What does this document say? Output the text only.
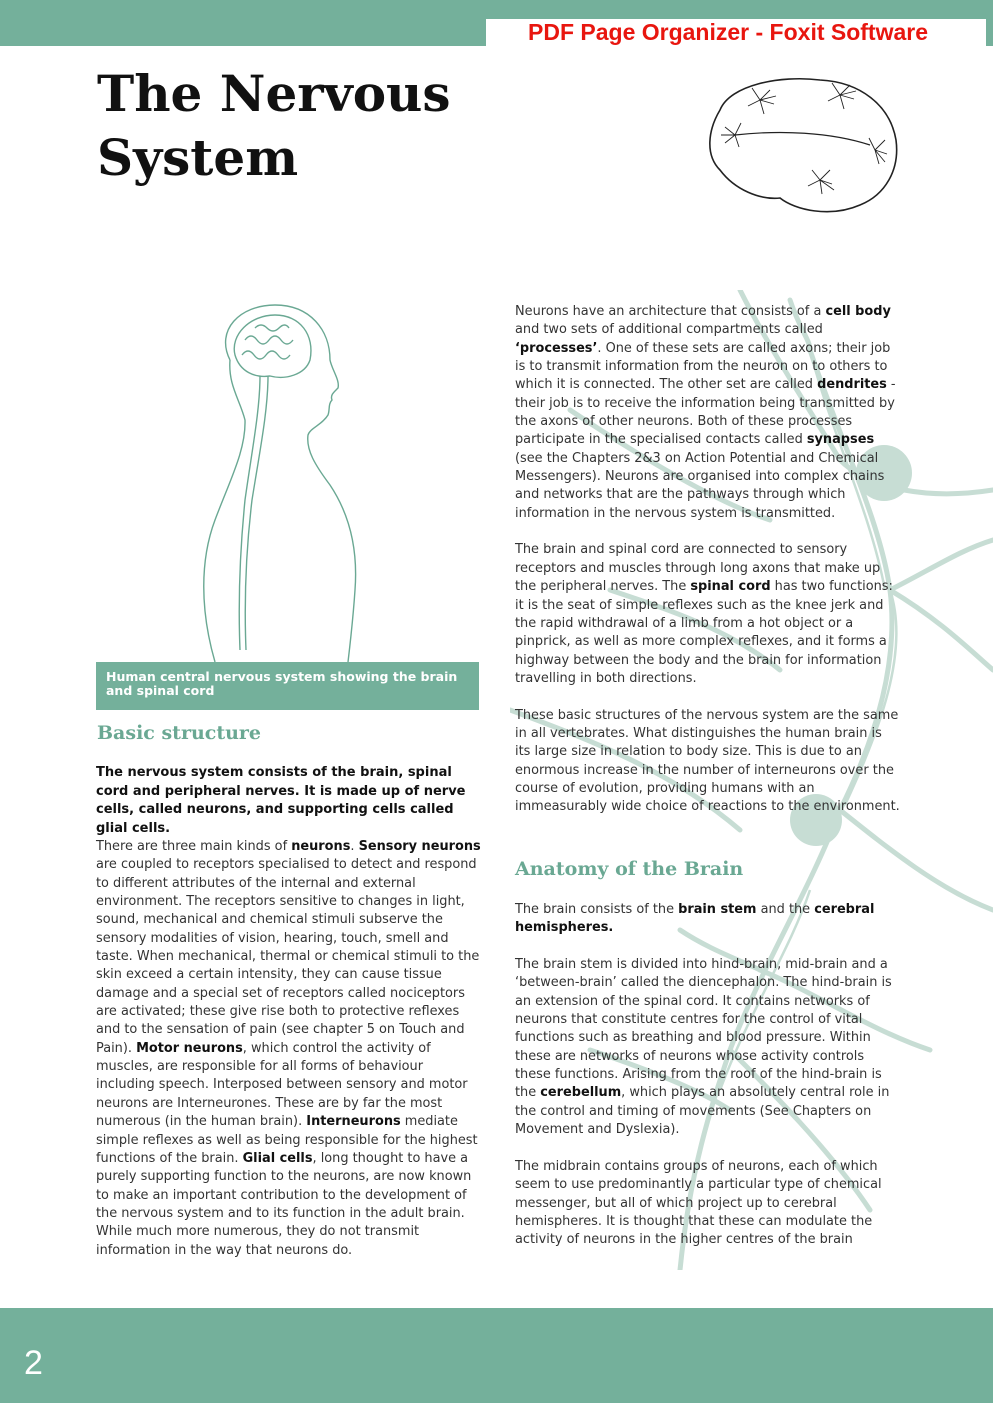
PDF Page Organizer - Foxit Software
The Nervous
System
Human central nervous system showing the brain and spinal cord
Basic structure
The nervous system consists of the brain, spinal cord and peripheral nerves. It is made up of nerve cells, called neurons, and supporting cells called glial cells.

There are three main kinds of neurons. Sensory neurons are coupled to receptors specialised to detect and respond to different attributes of the internal and external environment. The receptors sensitive to changes in light, sound, mechanical and chemical stimuli subserve the sensory modalities of vision, hearing, touch, smell and taste. When mechanical, thermal or chemical stimuli to the skin exceed a certain intensity, they can cause tissue damage and a special set of receptors called nociceptors are activated; these give rise both to protective reflexes and to the sensation of pain (see chapter 5 on Touch and Pain). Motor neurons, which control the activity of muscles, are responsible for all forms of behaviour including speech. Interposed between sensory and motor neurons are Interneurones. These are by far the most numerous (in the human brain). Interneurons mediate simple reflexes as well as being responsible for the highest functions of the brain. Glial cells, long thought to have a purely supporting function to the neurons, are now known to make an important contribution to the development of the nervous system and to its function in the adult brain. While much more numerous, they do not transmit information in the way that neurons do.

Neurons have an architecture that consists of a cell body and two sets of additional compartments called ‘processes’. One of these sets are called axons; their job is to transmit information from the neuron on to others to which it is connected. The other set are called dendrites - their job is to receive the information being transmitted by the axons of other neurons. Both of these processes participate in the specialised contacts called synapses (see the Chapters 2&3 on Action Potential and Chemical Messengers). Neurons are organised into complex chains and networks that are the pathways through which information in the nervous system is transmitted.

The brain and spinal cord are connected to sensory receptors and muscles through long axons that make up the peripheral nerves. The spinal cord has two functions: it is the seat of simple reflexes such as the knee jerk and the rapid withdrawal of a limb from a hot object or a pinprick, as well as more complex reflexes, and it forms a highway between the body and the brain for information travelling in both directions.

These basic structures of the nervous system are the same in all vertebrates. What distinguishes the human brain is its large size in relation to body size. This is due to an enormous increase in the number of interneurons over the course of evolution, providing humans with an immeasurably wide choice of reactions to the environment.

Anatomy of the Brain

The brain consists of the brain stem and the cerebral hemispheres.

The brain stem is divided into hind-brain, mid-brain and a ‘between-brain’ called the diencephalon. The hind-brain is an extension of the spinal cord. It contains networks of neurons that constitute centres for the control of vital functions such as breathing and blood pressure. Within these are networks of neurons whose activity controls these functions. Arising from the roof of the hind-brain is the cerebellum, which plays an absolutely central role in the control and timing of movements (See Chapters on Movement and Dyslexia).

The midbrain contains groups of neurons, each of which seem to use predominantly a particular type of chemical messenger, but all of which project up to cerebral hemispheres. It is thought that these can modulate the activity of neurons in the higher centres of the brain

2
